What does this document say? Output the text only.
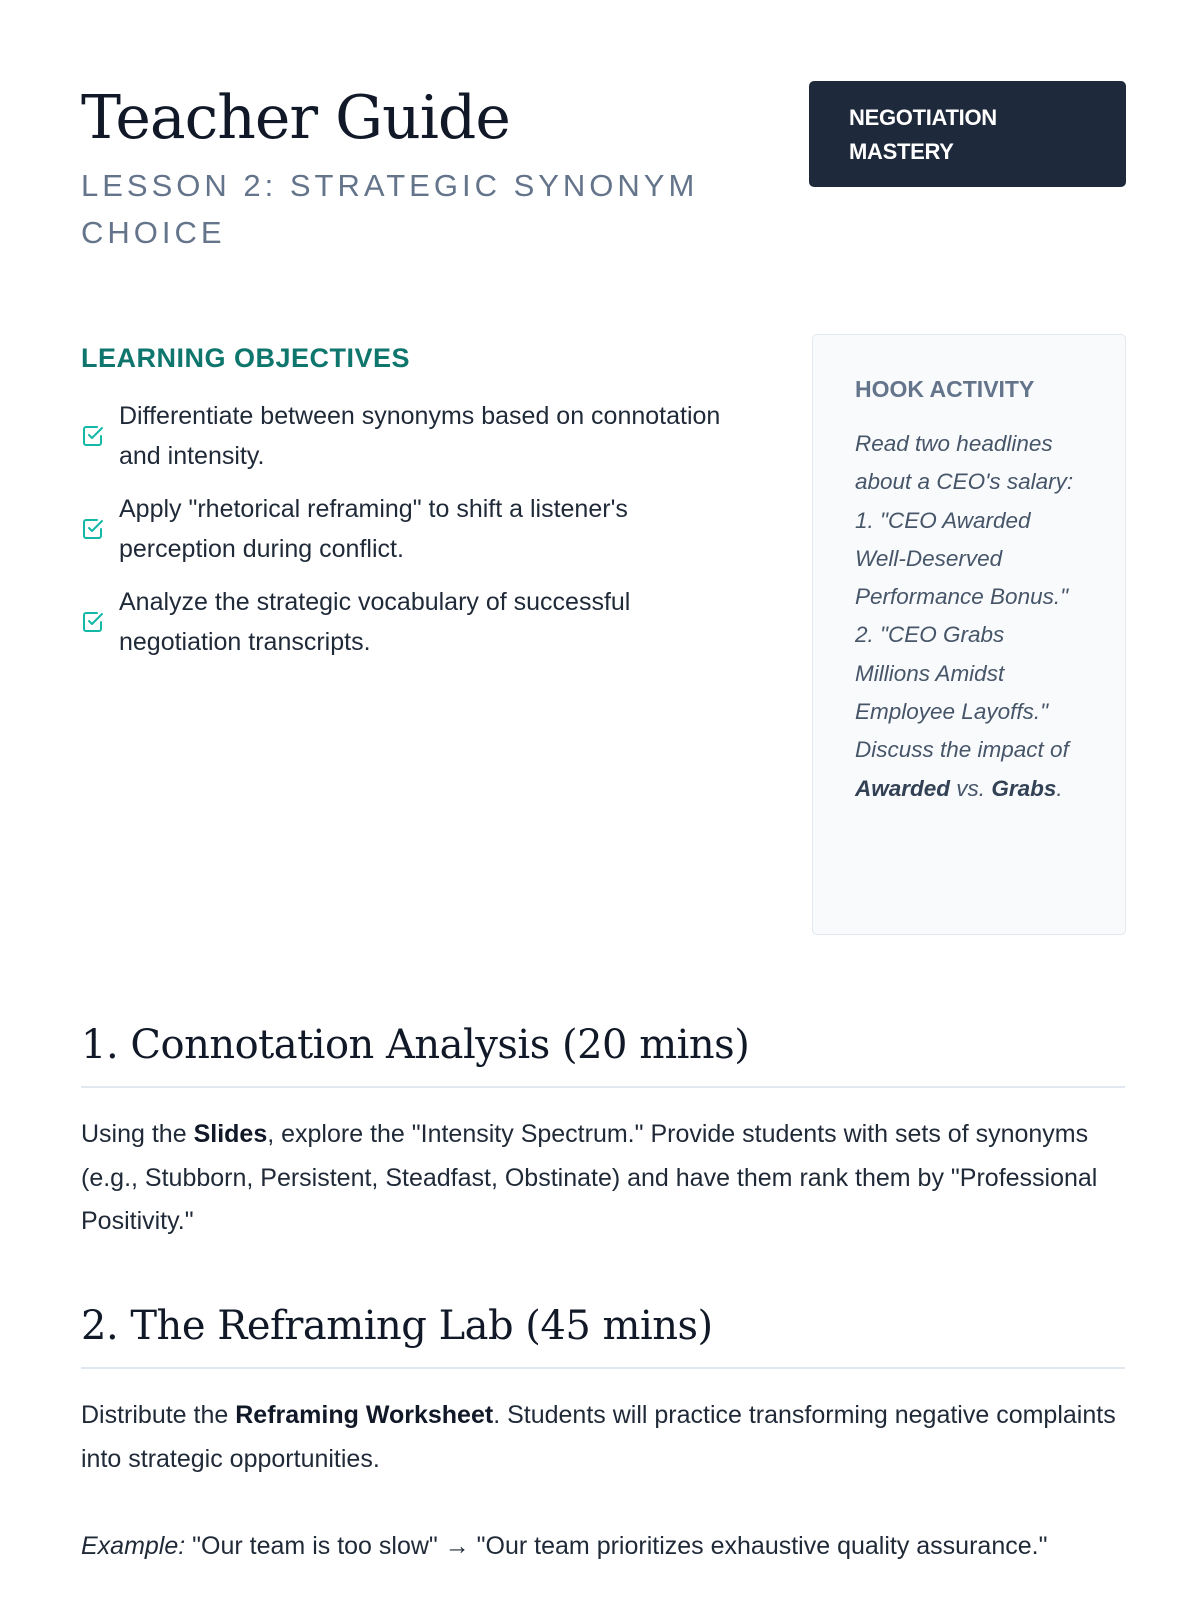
Teacher Guide
LESSON 2: STRATEGIC SYNONYM CHOICE
NEGOTIATION MASTERY
LEARNING OBJECTIVES
Differentiate between synonyms based on connotation and intensity.
Apply "rhetorical reframing" to shift a listener's perception during conflict.
Analyze the strategic vocabulary of successful negotiation transcripts.
HOOK ACTIVITY

Read two headlines about a CEO's salary: 1. "CEO Awarded Well-Deserved Performance Bonus." 2. "CEO Grabs Millions Amidst Employee Layoffs." Discuss the impact of Awarded vs. Grabs.

1. Connotation Analysis (20 mins)

Using the Slides, explore the "Intensity Spectrum." Provide students with sets of synonyms (e.g., Stubborn, Persistent, Steadfast, Obstinate) and have them rank them by "Professional Positivity."

2. The Reframing Lab (45 mins)

Distribute the Reframing Worksheet. Students will practice transforming negative complaints into strategic opportunities.

Example: "Our team is too slow" → "Our team prioritizes exhaustive quality assurance."
